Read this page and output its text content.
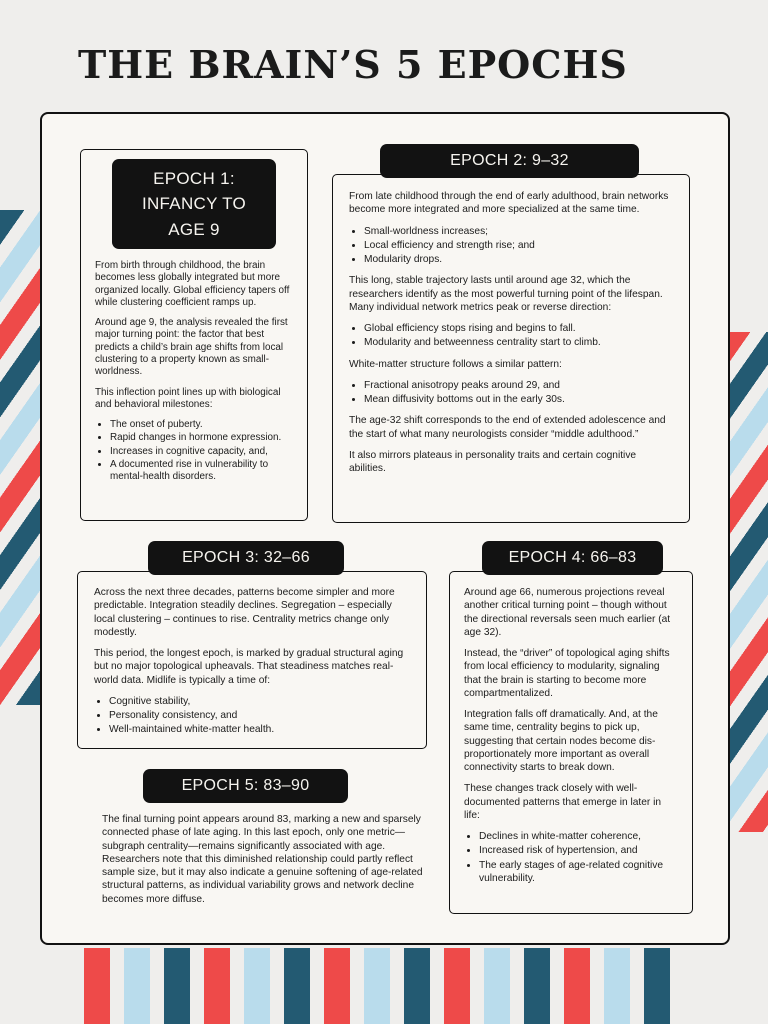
THE BRAIN’S 5 EPOCHS
EPOCH 1: INFANCY TO AGE 9

From birth through childhood, the brain becomes less globally integrated but more organized locally. Global efficiency tapers off while clustering coefficient ramps up.

Around age 9, the analysis revealed the first major turning point: the factor that best predicts a child’s brain age shifts from local clustering to a property known as small-worldness.

This inflection point lines up with biological and behavioral milestones:

• The onset of puberty.
• Rapid changes in hormone expression.
• Increases in cognitive capacity, and,
• A documented rise in vulnerability to mental-health disorders.
EPOCH 2: 9–32

From late childhood through the end of early adulthood, brain networks become more integrated and more specialized at the same time.

• Small-worldness increases;
• Local efficiency and strength rise; and
• Modularity drops.

This long, stable trajectory lasts until around age 32, which the researchers identify as the most powerful turning point of the lifespan. Many individual network metrics peak or reverse direction:

• Global efficiency stops rising and begins to fall.
• Modularity and betweenness centrality start to climb.

White-matter structure follows a similar pattern:

• Fractional anisotropy peaks around 29, and
• Mean diffusivity bottoms out in the early 30s.

The age-32 shift corresponds to the end of extended adolescence and the start of what many neurologists consider “middle adulthood.”

It also mirrors plateaus in personality traits and certain cognitive abilities.

EPOCH 3: 32–66

Across the next three decades, patterns become simpler and more predictable. Integration steadily declines. Segregation – especially local clustering – continues to rise. Centrality metrics change only modestly.

This period, the longest epoch, is marked by gradual structural aging but no major topological upheavals. That steadiness matches real-world data. Midlife is typically a time of:

• Cognitive stability,
• Personality consistency, and
• Well-maintained white-matter health.
EPOCH 4: 66–83

Around age 66, numerous projections reveal another critical turning point – though without the directional reversals seen much earlier (at age 32).

Instead, the “driver” of topological aging shifts from local efficiency to modularity, signaling that the brain is starting to become more compartmentalized.

Integration falls off dramatically. And, at the same time, centrality begins to pick up, suggesting that certain nodes become dis-proportionately more important as overall connectivity starts to break down.

These changes track closely with well-documented patterns that emerge in later in life:

• Declines in white-matter coherence,
• Increased risk of hypertension, and
• The early stages of age-related cognitive vulnerability.
EPOCH 5: 83–90

The final turning point appears around 83, marking a new and sparsely connected phase of late aging. In this last epoch, only one metric—subgraph centrality—remains significantly associated with age. Researchers note that this diminished relationship could partly reflect sample size, but it may also indicate a genuine softening of age-related structural patterns, as individual variability grows and network decline becomes more diffuse.
